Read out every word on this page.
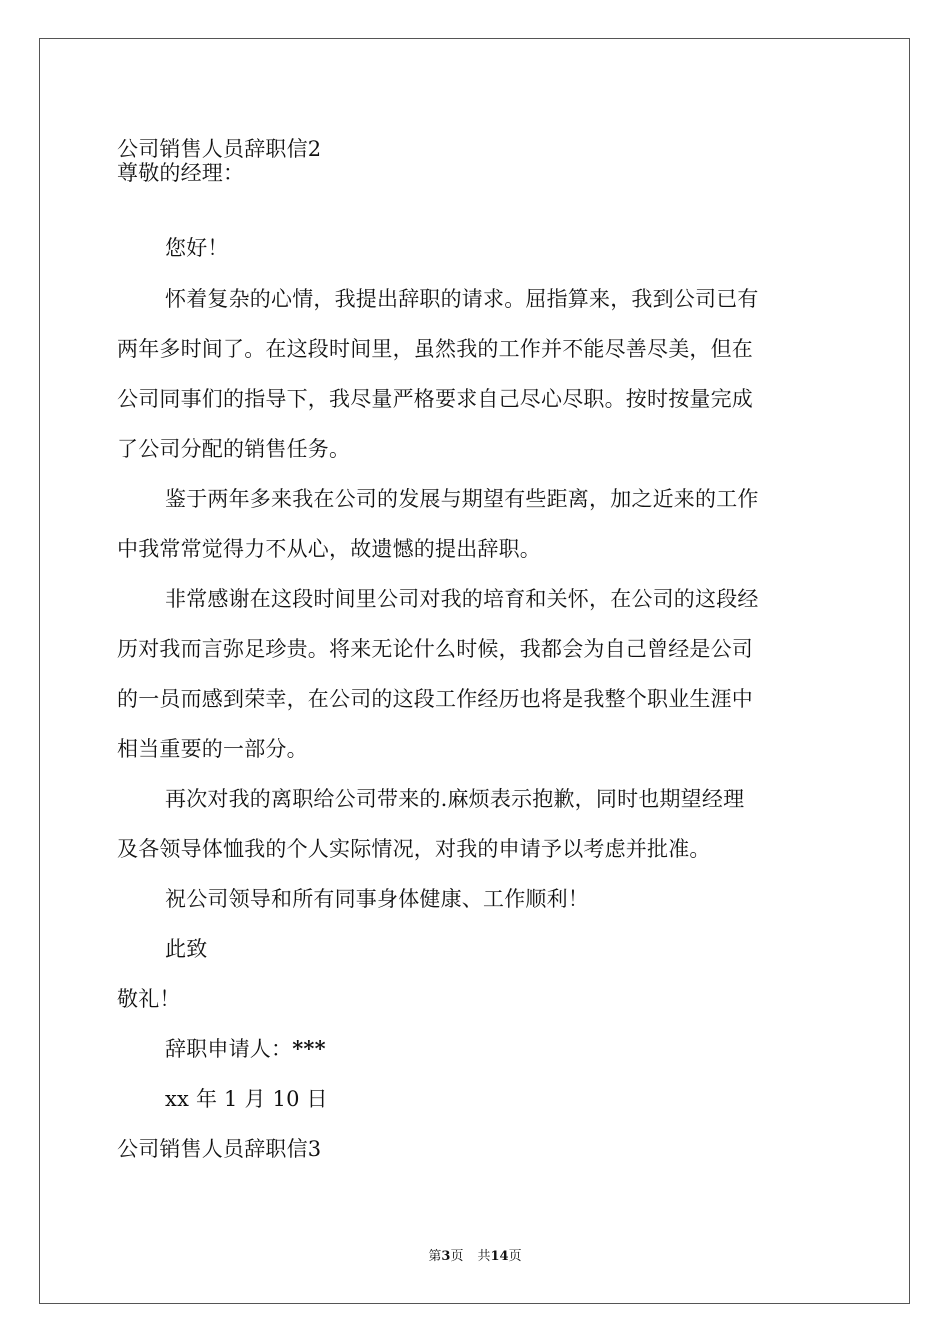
公司销售人员辞职信2
尊敬的经理：
您好！
怀着复杂的心情，我提出辞职的请求。屈指算来，我到公司已有
两年多时间了。在这段时间里，虽然我的工作并不能尽善尽美，但在
公司同事们的指导下，我尽量严格要求自己尽心尽职。按时按量完成
了公司分配的销售任务。
鉴于两年多来我在公司的发展与期望有些距离，加之近来的工作
中我常常觉得力不从心，故遗憾的提出辞职。
非常感谢在这段时间里公司对我的培育和关怀，在公司的这段经
历对我而言弥足珍贵。将来无论什么时候，我都会为自己曾经是公司
的一员而感到荣幸，在公司的这段工作经历也将是我整个职业生涯中
相当重要的一部分。
再次对我的离职给公司带来的.麻烦表示抱歉，同时也期望经理
及各领导体恤我的个人实际情况，对我的申请予以考虑并批准。
祝公司领导和所有同事身体健康、工作顺利！
此致
敬礼！
辞职申请人：***
xx 年 1 月 10 日
公司销售人员辞职信3
第3页 共14页
